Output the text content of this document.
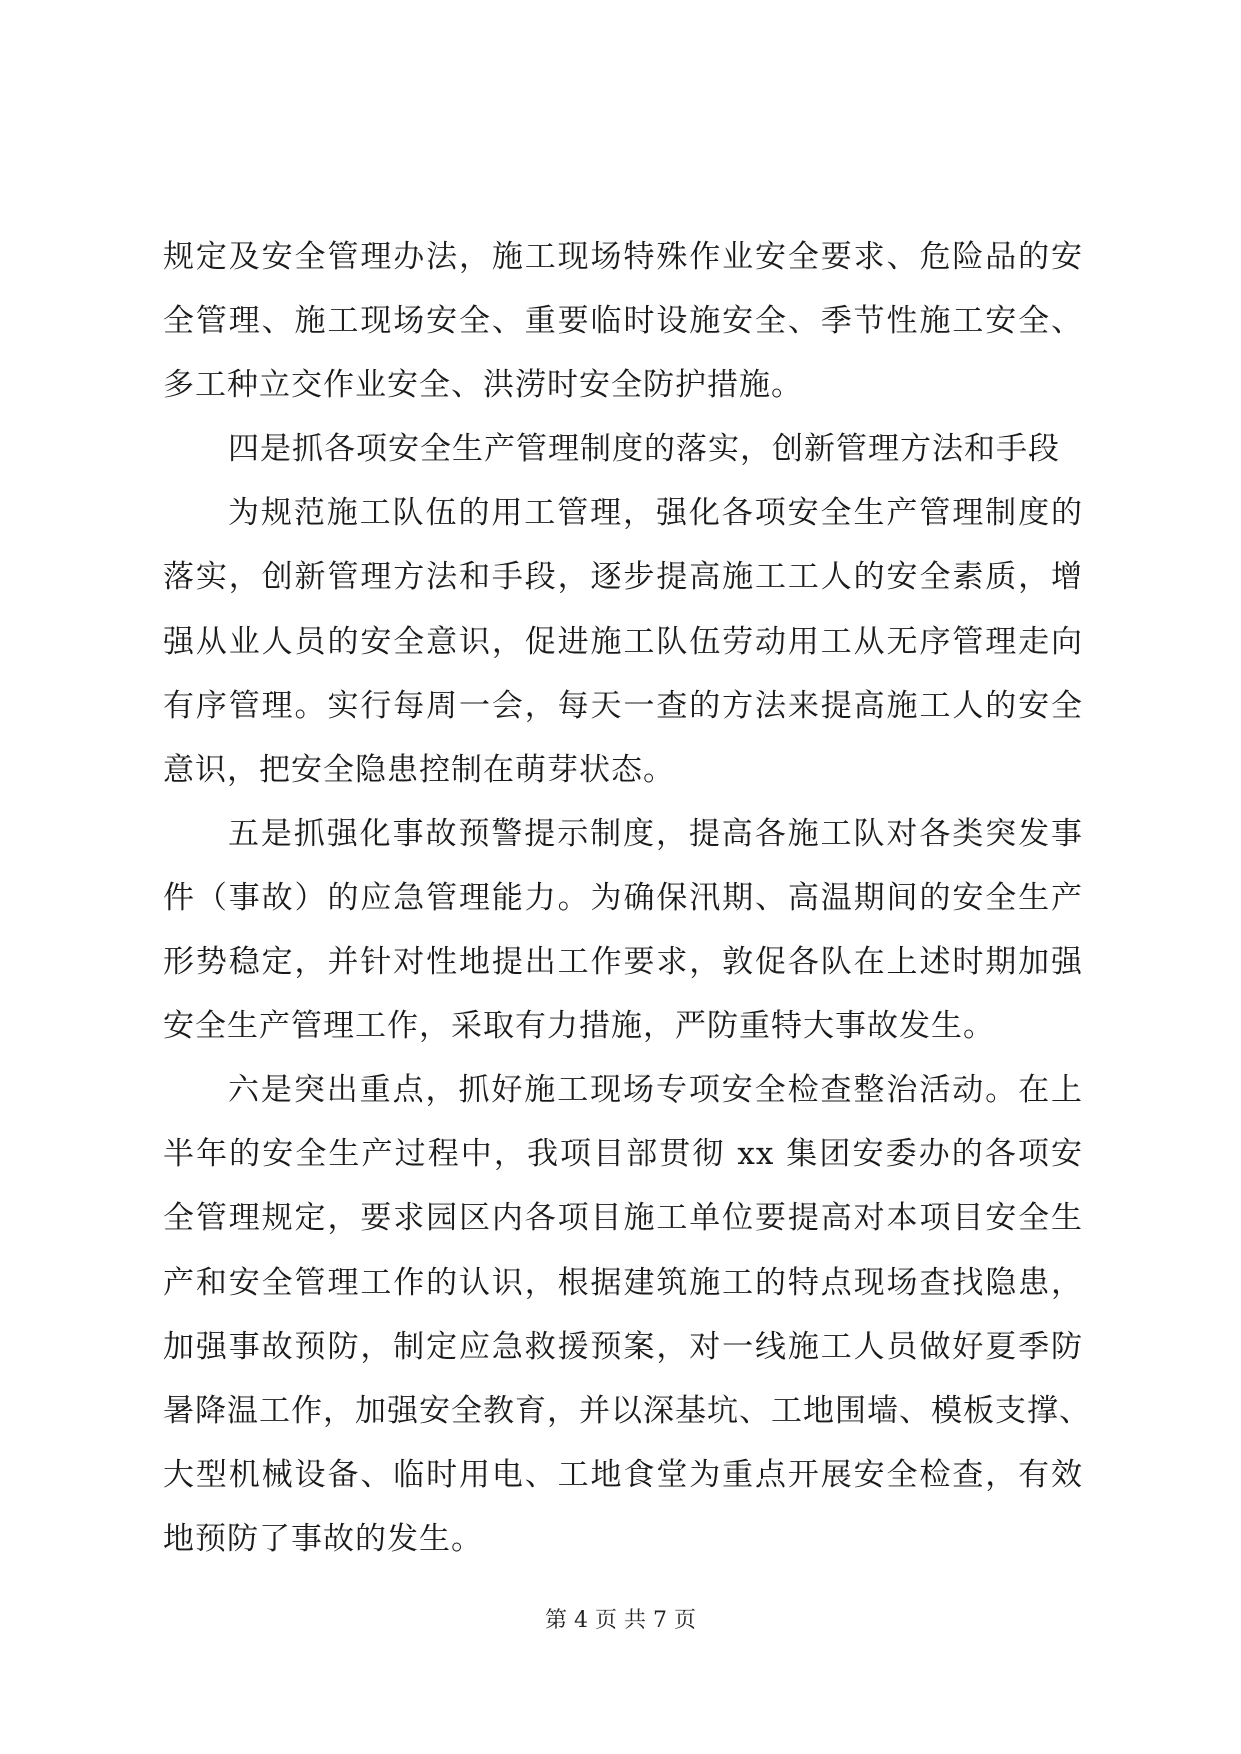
规定及安全管理办法，施工现场特殊作业安全要求、危险品的安
全管理、施工现场安全、重要临时设施安全、季节性施工安全、
多工种立交作业安全、洪涝时安全防护措施。
四是抓各项安全生产管理制度的落实，创新管理方法和手段
为规范施工队伍的用工管理，强化各项安全生产管理制度的
落实，创新管理方法和手段，逐步提高施工工人的安全素质，增
强从业人员的安全意识，促进施工队伍劳动用工从无序管理走向
有序管理。实行每周一会，每天一查的方法来提高施工人的安全
意识，把安全隐患控制在萌芽状态。
五是抓强化事故预警提示制度，提高各施工队对各类突发事
件（事故）的应急管理能力。为确保汛期、高温期间的安全生产
形势稳定，并针对性地提出工作要求，敦促各队在上述时期加强
安全生产管理工作，采取有力措施，严防重特大事故发生。
六是突出重点，抓好施工现场专项安全检查整治活动。在上
半年的安全生产过程中，我项目部贯彻 xx 集团安委办的各项安
全管理规定，要求园区内各项目施工单位要提高对本项目安全生
产和安全管理工作的认识，根据建筑施工的特点现场查找隐患，
加强事故预防，制定应急救援预案，对一线施工人员做好夏季防
暑降温工作，加强安全教育，并以深基坑、工地围墙、模板支撑、
大型机械设备、临时用电、工地食堂为重点开展安全检查，有效
地预防了事故的发生。
第 4 页 共 7 页
